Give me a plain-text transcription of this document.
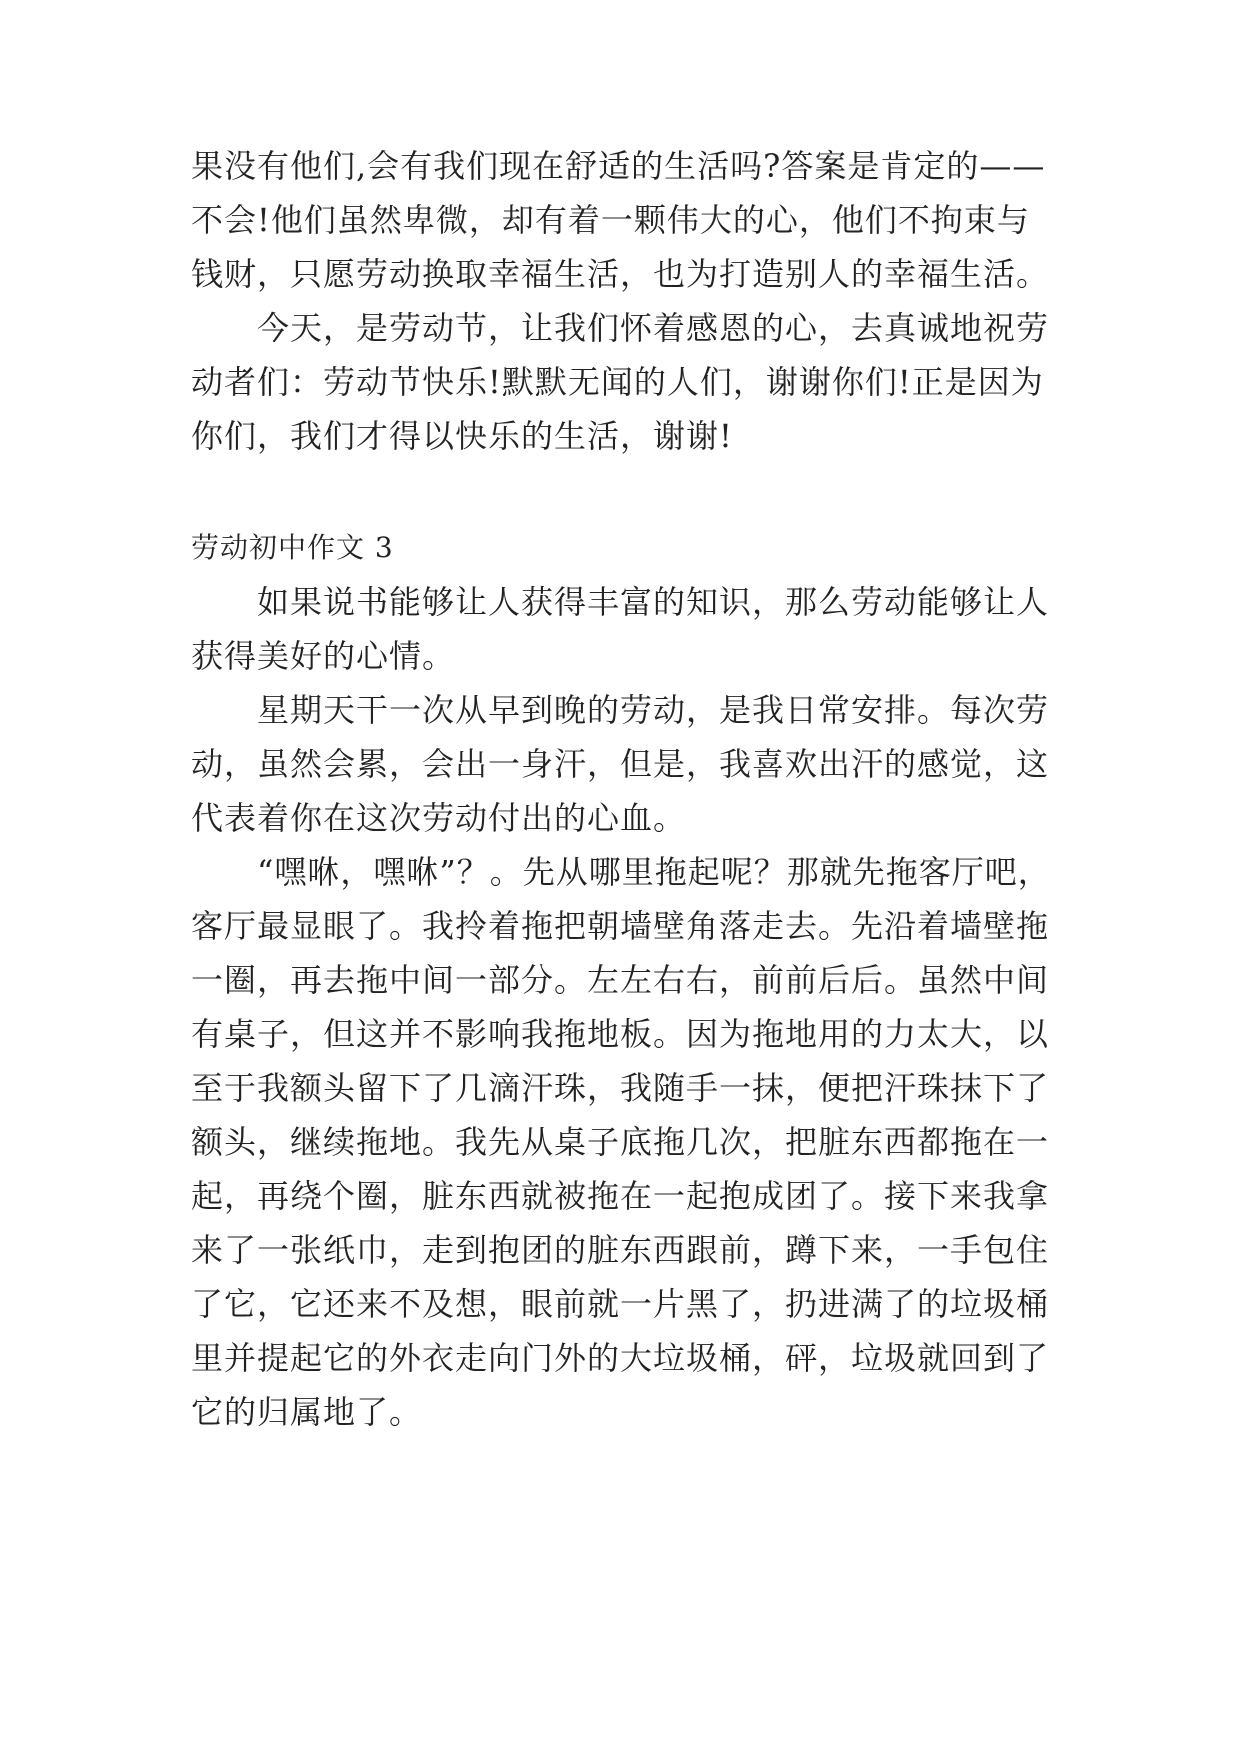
果没有他们,会有我们现在舒适的生活吗?答案是肯定的——
不会!他们虽然卑微，却有着一颗伟大的心，他们不拘束与
钱财，只愿劳动换取幸福生活，也为打造别人的幸福生活。
今天，是劳动节，让我们怀着感恩的心，去真诚地祝劳
动者们：劳动节快乐!默默无闻的人们，谢谢你们!正是因为
你们，我们才得以快乐的生活，谢谢!
劳动初中作文 3
如果说书能够让人获得丰富的知识，那么劳动能够让人
获得美好的心情。
星期天干一次从早到晚的劳动，是我日常安排。每次劳
动，虽然会累，会出一身汗，但是，我喜欢出汗的感觉，这
代表着你在这次劳动付出的心血。
“嘿咻，嘿咻”？。先从哪里拖起呢？那就先拖客厅吧，
客厅最显眼了。我拎着拖把朝墙壁角落走去。先沿着墙壁拖
一圈，再去拖中间一部分。左左右右，前前后后。虽然中间
有桌子，但这并不影响我拖地板。因为拖地用的力太大，以
至于我额头留下了几滴汗珠，我随手一抹，便把汗珠抹下了
额头，继续拖地。我先从桌子底拖几次，把脏东西都拖在一
起，再绕个圈，脏东西就被拖在一起抱成团了。接下来我拿
来了一张纸巾，走到抱团的脏东西跟前，蹲下来，一手包住
了它，它还来不及想，眼前就一片黑了，扔进满了的垃圾桶
里并提起它的外衣走向门外的大垃圾桶，砰，垃圾就回到了
它的归属地了。
